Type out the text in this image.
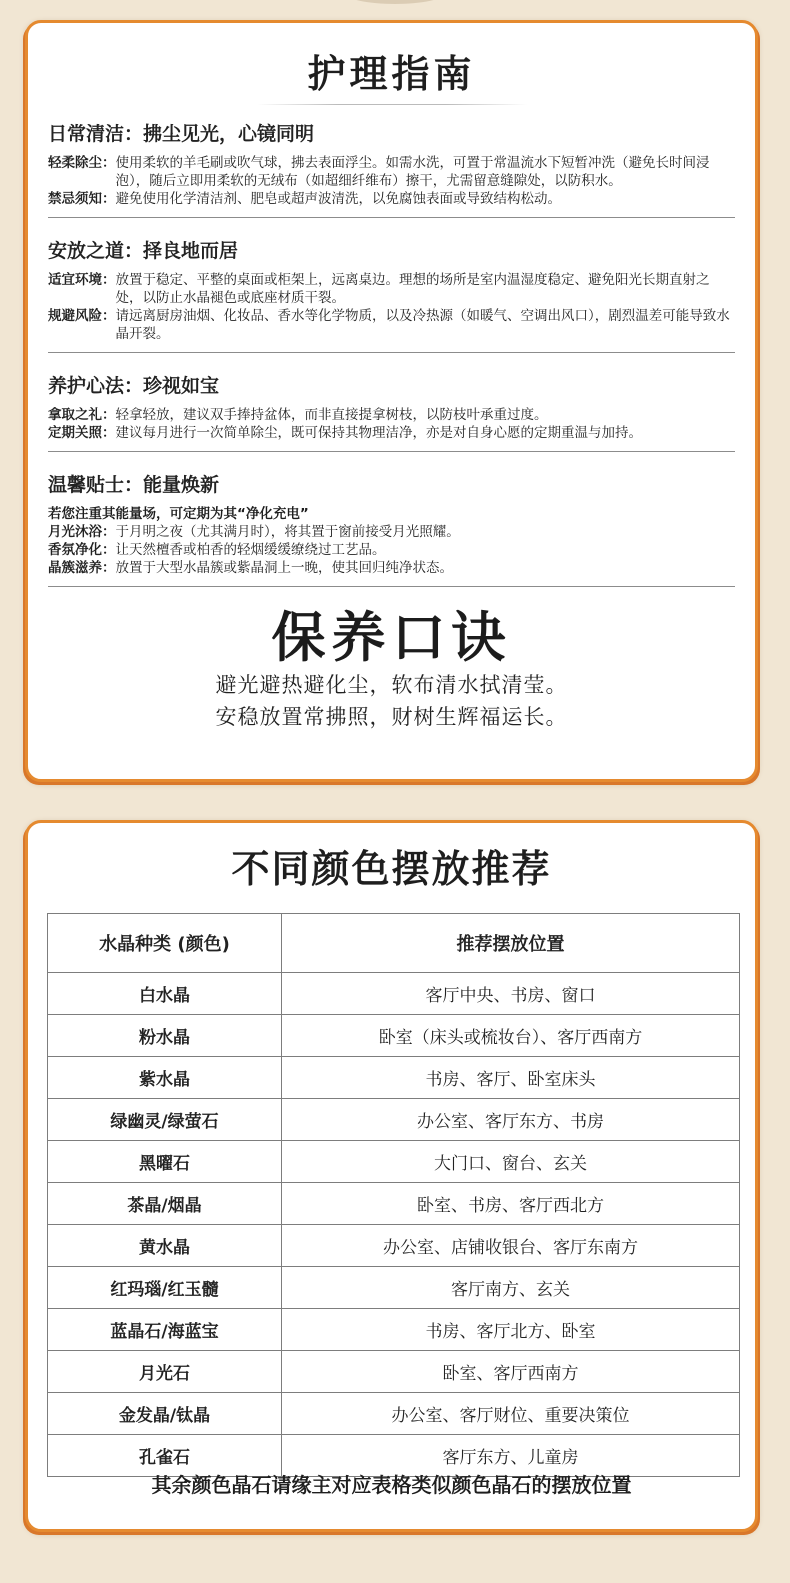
护理指南
日常清洁：拂尘见光，心镜同明
轻柔除尘： 使用柔软的羊毛刷或吹气球，拂去表面浮尘。如需水洗，可置于常温流水下短暂冲洗（避免长时间浸泡），随后立即用柔软的无绒布（如超细纤维布）擦干，尤需留意缝隙处，以防积水。
禁忌须知： 避免使用化学清洁剂、肥皂或超声波清洗，以免腐蚀表面或导致结构松动。
安放之道：择良地而居
适宜环境： 放置于稳定、平整的桌面或柜架上，远离桌边。理想的场所是室内温湿度稳定、避免阳光长期直射之处，以防止水晶褪色或底座材质干裂。
规避风险： 请远离厨房油烟、化妆品、香水等化学物质，以及冷热源（如暖气、空调出风口），剧烈温差可能导致水晶开裂。
养护心法：珍视如宝
拿取之礼： 轻拿轻放，建议双手捧持盆体，而非直接提拿树枝，以防枝叶承重过度。
定期关照： 建议每月进行一次简单除尘，既可保持其物理洁净，亦是对自身心愿的定期重温与加持。
温馨贴士：能量焕新
若您注重其能量场，可定期为其“净化充电”
月光沐浴： 于月明之夜（尤其满月时），将其置于窗前接受月光照耀。
香氛净化： 让天然檀香或柏香的轻烟缓缓缭绕过工艺品。
晶簇滋养： 放置于大型水晶簇或紫晶洞上一晚，使其回归纯净状态。
保养口诀
避光避热避化尘，软布清水拭清莹。
安稳放置常拂照，财树生辉福运长。
不同颜色摆放推荐
水晶种类 (颜色)	推荐摆放位置
白水晶	客厅中央、书房、窗口
粉水晶	卧室（床头或梳妆台）、客厅西南方
紫水晶	书房、客厅、卧室床头
绿幽灵/绿萤石	办公室、客厅东方、书房
黑曜石	大门口、窗台、玄关
茶晶/烟晶	卧室、书房、客厅西北方
黄水晶	办公室、店铺收银台、客厅东南方
红玛瑙/红玉髓	客厅南方、玄关
蓝晶石/海蓝宝	书房、客厅北方、卧室
月光石	卧室、客厅西南方
金发晶/钛晶	办公室、客厅财位、重要决策位
孔雀石	客厅东方、儿童房
其余颜色晶石请缘主对应表格类似颜色晶石的摆放位置
